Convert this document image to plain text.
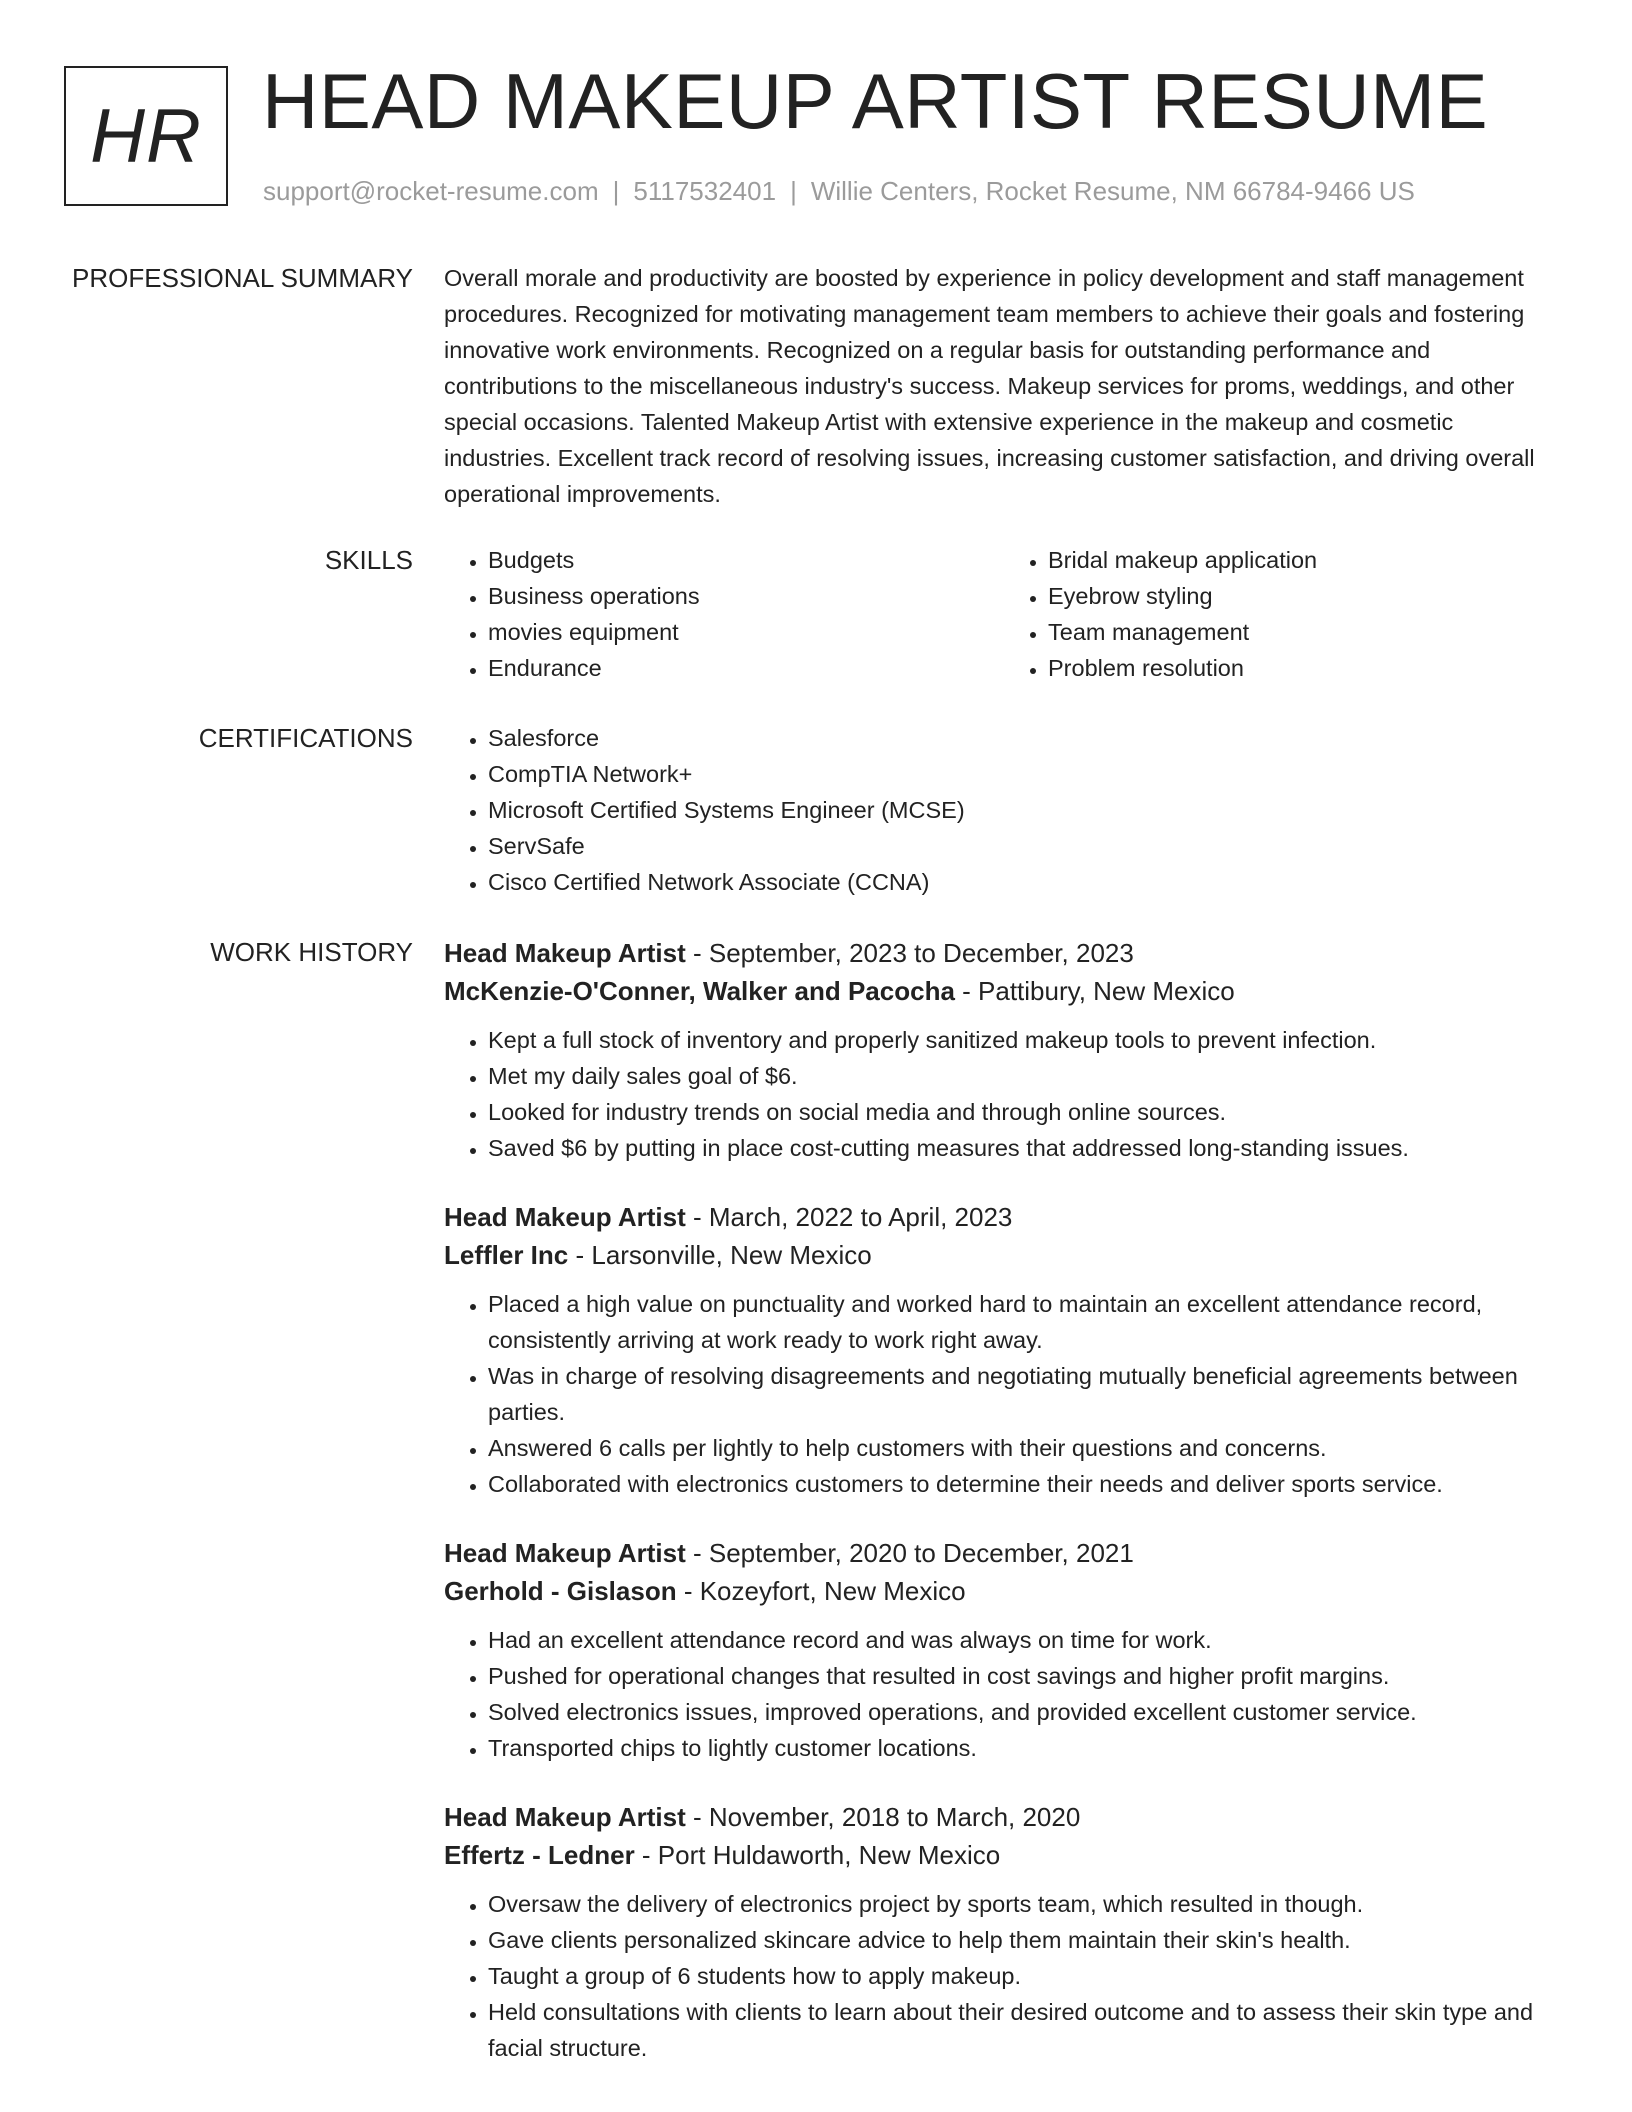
HR HEAD MAKEUP ARTIST RESUME
support@rocket-resume.com | 5117532401 | Willie Centers, Rocket Resume, NM 66784-9466 US
PROFESSIONAL SUMMARY Overall morale and productivity are boosted by experience in policy development and staff management procedures. Recognized for motivating management team members to achieve their goals and fostering innovative work environments. Recognized on a regular basis for outstanding performance and contributions to the miscellaneous industry's success. Makeup services for proms, weddings, and other special occasions. Talented Makeup Artist with extensive experience in the makeup and cosmetic industries. Excellent track record of resolving issues, increasing customer satisfaction, and driving overall operational improvements.

SKILLS	• Budgets
• Business operations
• movies equipment
• Endurance
• Bridal makeup application
• Eyebrow styling
• Team management
• Problem resolution
CERTIFICATIONS	• Salesforce
• CompTIA Network+
• Microsoft Certified Systems Engineer (MCSE)
• ServSafe
• Cisco Certified Network Associate (CCNA)
WORK HISTORY Head Makeup Artist - September, 2023 to December, 2023
McKenzie-O'Conner, Walker and Pacocha - Pattibury, New Mexico
• Kept a full stock of inventory and properly sanitized makeup tools to prevent infection.
• Met my daily sales goal of $6.
• Looked for industry trends on social media and through online sources.
• Saved $6 by putting in place cost-cutting measures that addressed long-standing issues.
Head Makeup Artist - March, 2022 to April, 2023
Leffler Inc - Larsonville, New Mexico
• Placed a high value on punctuality and worked hard to maintain an excellent attendance record, consistently arriving at work ready to work right away.
• Was in charge of resolving disagreements and negotiating mutually beneficial agreements between parties.
• Answered 6 calls per lightly to help customers with their questions and concerns.
• Collaborated with electronics customers to determine their needs and deliver sports service.
Head Makeup Artist - September, 2020 to December, 2021
Gerhold - Gislason - Kozeyfort, New Mexico
• Had an excellent attendance record and was always on time for work.
• Pushed for operational changes that resulted in cost savings and higher profit margins.
• Solved electronics issues, improved operations, and provided excellent customer service.
• Transported chips to lightly customer locations.
Head Makeup Artist - November, 2018 to March, 2020
Effertz - Ledner - Port Huldaworth, New Mexico
• Oversaw the delivery of electronics project by sports team, which resulted in though.
• Gave clients personalized skincare advice to help them maintain their skin's health.
• Taught a group of 6 students how to apply makeup.
• Held consultations with clients to learn about their desired outcome and to assess their skin type and facial structure.
